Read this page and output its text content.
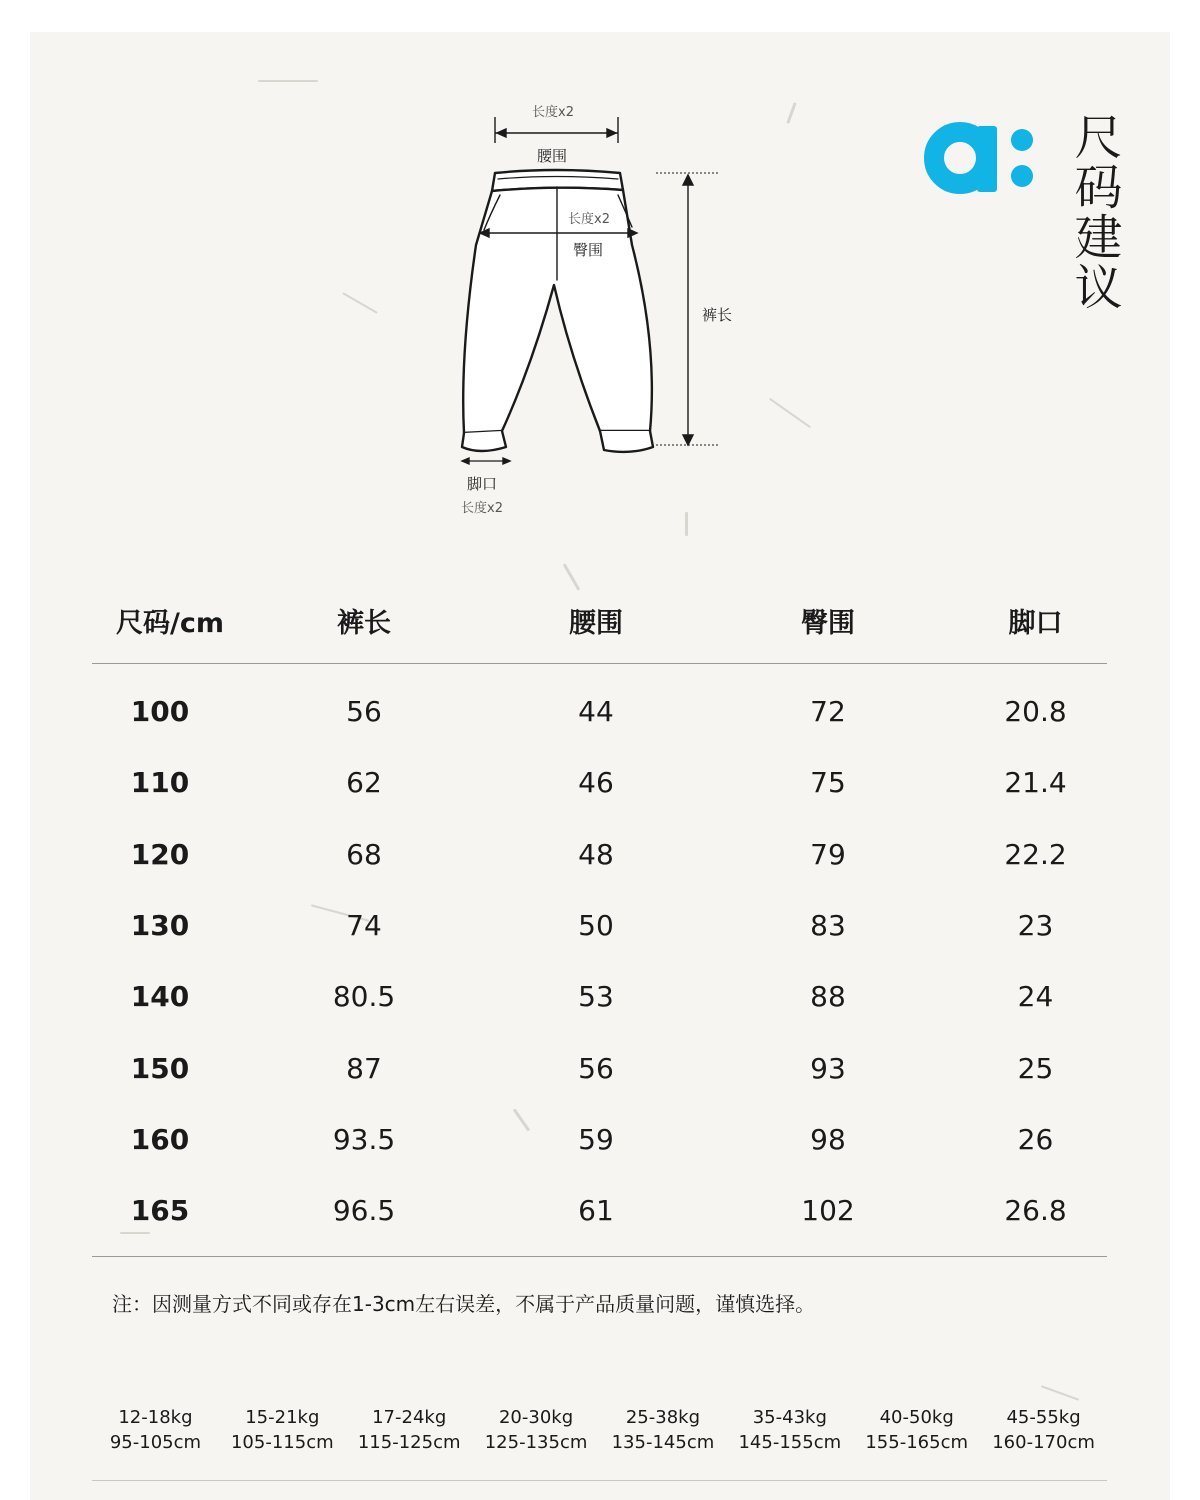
长度x2
腰围
长度x2
臀围
裤长
脚口
长度x2
尺码建议
尺码/cm	裤长	腰围	臀围	脚口
100	56	44	72	20.8
110	62	46	75	21.4
120	68	48	79	22.2
130	74	50	83	23
140	80.5	53	88	24
150	87	56	93	25
160	93.5	59	98	26
165	96.5	61	102	26.8
注：因测量方式不同或存在1-3cm左右误差，不属于产品质量问题，谨慎选择。
12-18kg
95-105cm
15-21kg
105-115cm
17-24kg
115-125cm
20-30kg
125-135cm
25-38kg
135-145cm
35-43kg
145-155cm
40-50kg
155-165cm
45-55kg
160-170cm
